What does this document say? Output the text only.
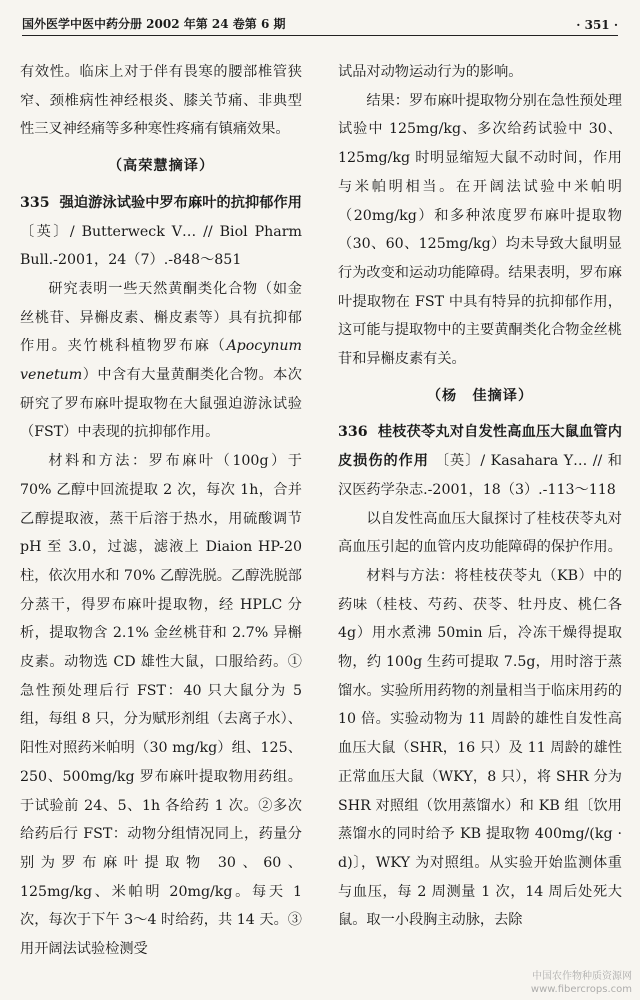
国外医学中医中药分册 2002 年第 24 卷第 6 期	· 351 ·

有效性。临床上对于伴有畏寒的腰部椎管狭窄、颈椎病性神经根炎、膝关节痛、非典型性三叉神经痛等多种寒性疼痛有镇痛效果。

（高荣慧摘译）

335 强迫游泳试验中罗布麻叶的抗抑郁作用 〔英〕/ Butterweck V… // Biol Pharm Bull.-2001，24（7）.-848～851

研究表明一些天然黄酮类化合物（如金丝桃苷、异槲皮素、槲皮素等）具有抗抑郁作用。夹竹桃科植物罗布麻（Apocynum venetum）中含有大量黄酮类化合物。本次研究了罗布麻叶提取物在大鼠强迫游泳试验（FST）中表现的抗抑郁作用。

材料和方法：罗布麻叶（100g）于 70% 乙醇中回流提取 2 次，每次 1h，合并乙醇提取液，蒸干后溶于热水，用硫酸调节 pH 至 3.0，过滤，滤液上 Diaion HP-20 柱，依次用水和 70% 乙醇洗脱。乙醇洗脱部分蒸干，得罗布麻叶提取物，经 HPLC 分析，提取物含 2.1% 金丝桃苷和 2.7% 异槲皮素。动物选 CD 雄性大鼠，口服给药。①急性预处理后行 FST：40 只大鼠分为 5 组，每组 8 只，分为赋形剂组（去离子水）、阳性对照药米帕明（30 mg/kg）组、125、250、500mg/kg 罗布麻叶提取物用药组。于试验前 24、5、1h 各给药 1 次。②多次给药后行 FST：动物分组情况同上，药量分别为罗布麻叶提取物 30、60、125mg/kg、米帕明 20mg/kg。每天 1 次，每次于下午 3～4 时给药，共 14 天。③用开阔法试验检测受

试品对动物运动行为的影响。

结果：罗布麻叶提取物分别在急性预处理试验中 125mg/kg、多次给药试验中 30、125mg/kg 时明显缩短大鼠不动时间，作用与米帕明相当。在开阔法试验中米帕明（20mg/kg）和多种浓度罗布麻叶提取物（30、60、125mg/kg）均未导致大鼠明显行为改变和运动功能障碍。结果表明，罗布麻叶提取物在 FST 中具有特异的抗抑郁作用，这可能与提取物中的主要黄酮类化合物金丝桃苷和异槲皮素有关。

（杨　佳摘译）

336 桂枝茯苓丸对自发性高血压大鼠血管内皮损伤的作用 〔英〕/ Kasahara Y… // 和汉医药学杂志.-2001，18（3）.-113～118

以自发性高血压大鼠探讨了桂枝茯苓丸对高血压引起的血管内皮功能障碍的保护作用。

材料与方法：将桂枝茯苓丸（KB）中的药味（桂枝、芍药、茯苓、牡丹皮、桃仁各 4g）用水煮沸 50min 后，冷冻干燥得提取物，约 100g 生药可提取 7.5g，用时溶于蒸馏水。实验所用药物的剂量相当于临床用药的 10 倍。实验动物为 11 周龄的雄性自发性高血压大鼠（SHR，16 只）及 11 周龄的雄性正常血压大鼠（WKY，8 只），将 SHR 分为 SHR 对照组（饮用蒸馏水）和 KB 组〔饮用蒸馏水的同时给予 KB 提取物 400mg/(kg · d)〕，WKY 为对照组。从实验开始监测体重与血压，每 2 周测量 1 次，14 周后处死大鼠。取一小段胸主动脉，去除

中国农作物种质资源网
www.fibercrops.com
